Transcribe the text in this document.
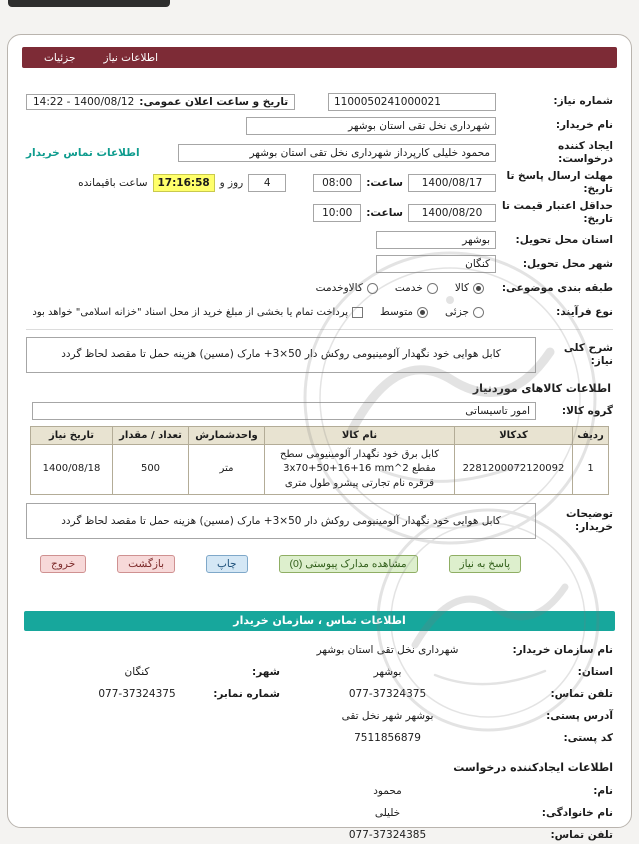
جزئیات	اطلاعات نیاز
شماره نیاز:
1100050241000021
تاریخ و ساعت اعلان عمومی:
1400/08/12 - 14:22
نام خریدار:
شهرداری نخل تقی استان بوشهر
ایجاد کننده درخواست:
محمود خلیلی کارپرداز شهرداری نخل تقی استان بوشهر
اطلاعات تماس خریدار
مهلت ارسال پاسخ تا تاریخ:
1400/08/17
ساعت:
08:00
4
روز و
17:16:58
ساعت باقیمانده
حداقل اعتبار قیمت تا تاریخ:
1400/08/20
ساعت:
10:00
استان محل تحویل:
بوشهر
شهر محل تحویل:
کنگان
طبقه بندی موضوعی:
کالا
خدمت
کالاوخدمت
نوع فرآیند:
جزئی
متوسط
پرداخت تمام یا بخشی از مبلغ خرید از محل اسناد "خزانه اسلامی" خواهد بود
شرح کلی نیاز:
کابل هوایی خود نگهدار آلومینیومی روکش دار 50×3+ مارک (مسین) هزینه حمل تا مقصد لحاظ گردد
اطلاعات کالاهای موردنیاز
گروه کالا:
امور تاسیساتی
ردیف	کدکالا	نام کالا	واحدشمارش	تعداد / مقدار	تاریخ نیاز
1	2281200072120092	کابل برق خود نگهدار آلومینیومی سطح مقطع 3x70+50+16+16 mm^2 قرقره نام تجارتی پیشرو طول متری	متر	500	1400/08/18
توضیحات خریدار:
کابل هوایی خود نگهدار آلومینیومی روکش دار 50×3+ مارک (مسین) هزینه حمل تا مقصد لحاظ گردد
پاسخ به نیاز
مشاهده مدارک پیوستی (0)
چاپ
بازگشت
خروج
اطلاعات تماس ، سازمان خریدار
نام سازمان خریدار:
شهرداری نخل تقی استان بوشهر
استان:
بوشهر
شهر:
کنگان
تلفن تماس:
077-37324375
شماره نمابر:
077-37324375
آدرس پستی:
بوشهر شهر نخل تقی
کد پستی:
7511856879
اطلاعات ایجادکننده درخواست
نام:
محمود
نام خانوادگی:
خلیلی
تلفن تماس:
077-37324385
